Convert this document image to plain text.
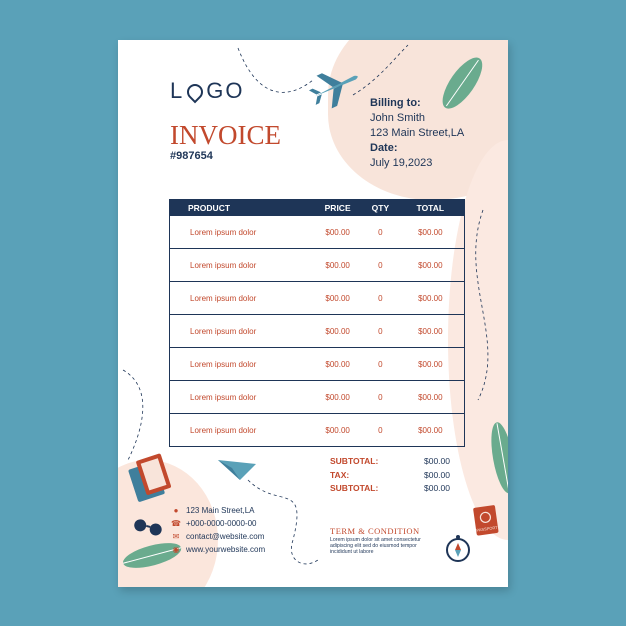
PASSPORT
L GO
INVOICE
#987654
Billing to:
John Smith
123 Main Street,LA
Date:
July 19,2023
PRODUCT	PRICE	QTY	TOTAL
Lorem ipsum dolor	$00.00	0	$00.00
Lorem ipsum dolor	$00.00	0	$00.00
Lorem ipsum dolor	$00.00	0	$00.00
Lorem ipsum dolor	$00.00	0	$00.00
Lorem ipsum dolor	$00.00	0	$00.00
Lorem ipsum dolor	$00.00	0	$00.00
Lorem ipsum dolor	$00.00	0	$00.00
SUBTOTAL:	$00.00
TAX:	$00.00
SUBTOTAL:	$00.00
● 123 Main Street,LA
☎ +000-0000-0000-00
✉ contact@website.com
◉ www.yourwebsite.com
TERM & CONDITION
Lorem ipsum dolor sit amet consectetur adipiscing elit sed do eiusmod tempor incididunt ut labore
